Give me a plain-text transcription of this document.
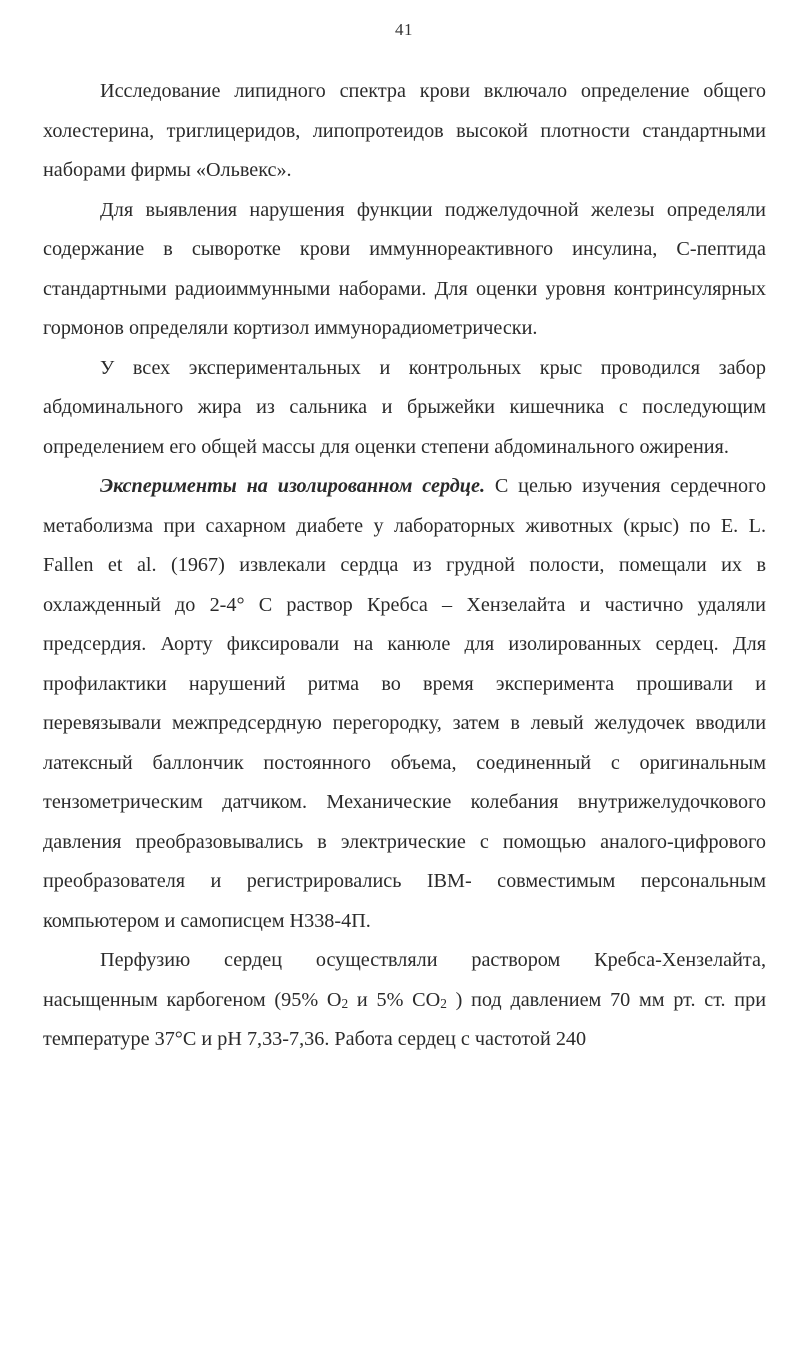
41

Исследование липидного спектра крови включало определение общего холестерина, триглицеридов, липопротеидов высокой плотности стандартными наборами фирмы «Ольвекс».

Для выявления нарушения функции поджелудочной железы определяли содержание в сыворотке крови иммуннореактивного инсулина, С-пептида стандартными радиоиммунными наборами. Для оценки уровня контринсулярных гормонов определяли кортизол иммунорадиометрически.

У всех экспериментальных и контрольных крыс проводился забор абдоминального жира из сальника и брыжейки кишечника с последующим определением его общей массы для оценки степени абдоминального ожирения.

Эксперименты на изолированном сердце. С целью изучения сердечного метаболизма при сахарном диабете у лабораторных животных (крыс) по E. L. Fallen et al. (1967) извлекали сердца из грудной полости, помещали их в охлажденный до 2-4° С раствор Кребса – Хензелайта и частично удаляли предсердия. Аорту фиксировали на канюле для изолированных сердец. Для профилактики нарушений ритма во время эксперимента прошивали и перевязывали межпредсердную перегородку, затем в левый желудочек вводили латексный баллончик постоянного объема, соединенный с оригинальным тензометрическим датчиком. Механические колебания внутрижелудочкового давления преобразовывались в электрические с помощью аналого-цифрового преобразователя и регистрировались IBM- совместимым персональным компьютером и самописцем Н338-4П.

Перфузию сердец осуществляли раствором Кребса-Хензелайта, насыщенным карбогеном (95% $O_2$ и 5% $CO_2$ ) под давлением 70 мм рт. ст. при температуре 37°С и рН 7,33-7,36. Работа сердец с частотой 240
